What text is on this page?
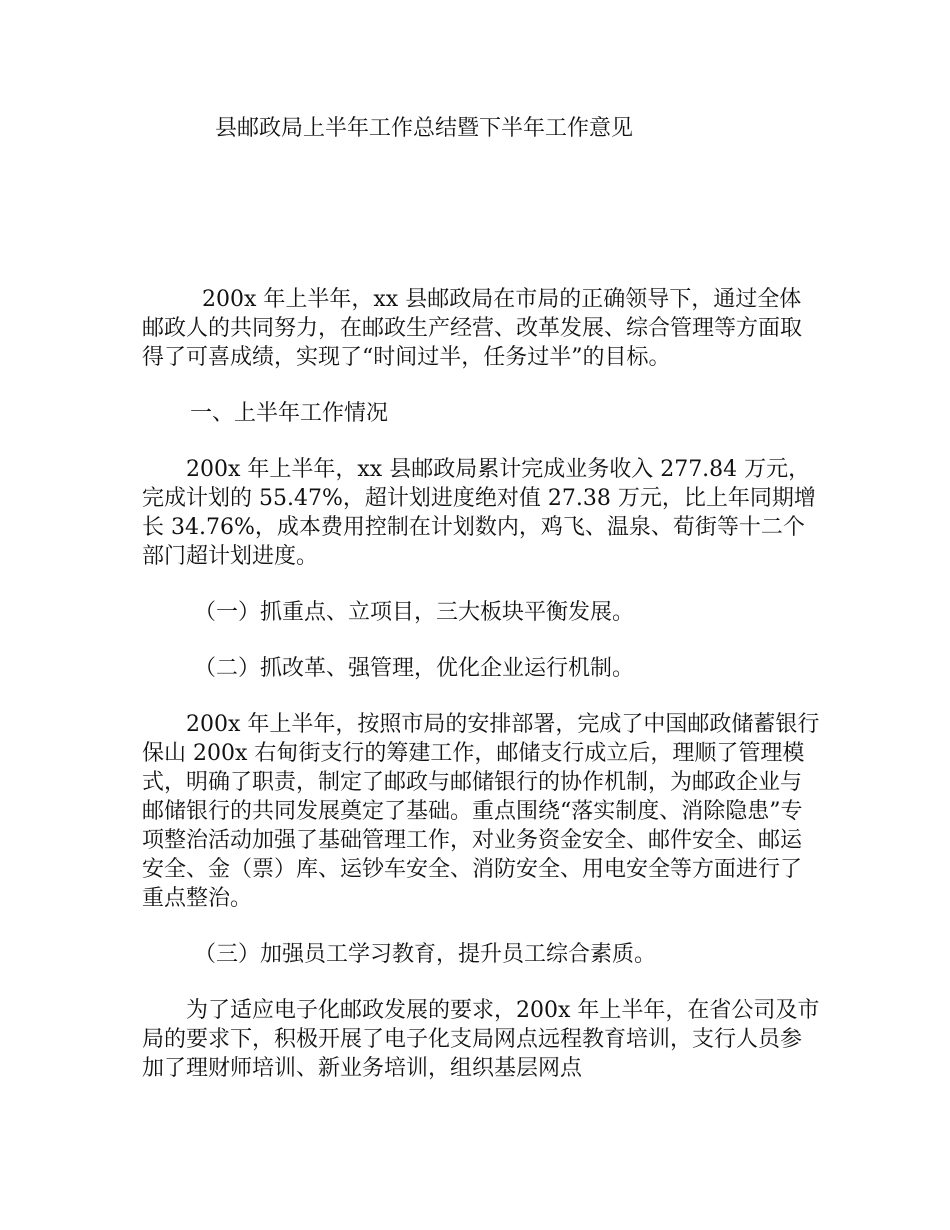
县邮政局上半年工作总结暨下半年工作意见

200x 年上半年，xx 县邮政局在市局的正确领导下，通过全体邮政人的共同努力，在邮政生产经营、改革发展、综合管理等方面取得了可喜成绩，实现了“时间过半，任务过半”的目标。

一、上半年工作情况

200x 年上半年，xx 县邮政局累计完成业务收入 277.84 万元，完成计划的 55.47%，超计划进度绝对值 27.38 万元，比上年同期增长 34.76%，成本费用控制在计划数内，鸡飞、温泉、荀街等十二个部门超计划进度。

（一）抓重点、立项目，三大板块平衡发展。

（二）抓改革、强管理，优化企业运行机制。

200x 年上半年，按照市局的安排部署，完成了中国邮政储蓄银行保山 200x 右甸街支行的筹建工作，邮储支行成立后，理顺了管理模式，明确了职责，制定了邮政与邮储银行的协作机制，为邮政企业与邮储银行的共同发展奠定了基础。重点围绕“落实制度、消除隐患”专项整治活动加强了基础管理工作，对业务资金安全、邮件安全、邮运安全、金（票）库、运钞车安全、消防安全、用电安全等方面进行了重点整治。

（三）加强员工学习教育，提升员工综合素质。

为了适应电子化邮政发展的要求，200x 年上半年，在省公司及市局的要求下，积极开展了电子化支局网点远程教育培训，支行人员参加了理财师培训、新业务培训，组织基层网点
